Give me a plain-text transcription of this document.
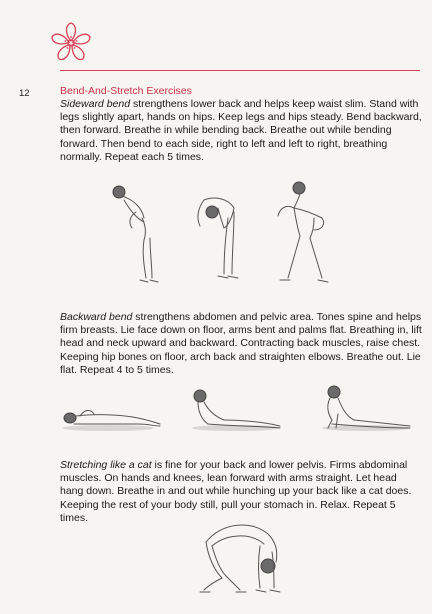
12	Bend-And-Stretch Exercises

Sideward bend strengthens lower back and helps keep waist slim. Stand with legs slightly apart, hands on hips. Keep legs and hips steady. Bend backward, then forward. Breathe in while bending back. Breathe out while bending forward. Then bend to each side, right to left and left to right, breathing normally. Repeat each 5 times.

Backward bend strengthens abdomen and pelvic area. Tones spine and helps firm breasts. Lie face down on floor, arms bent and palms flat. Breathing in, lift head and neck upward and backward. Contracting back muscles, raise chest. Keeping hip bones on floor, arch back and straighten elbows. Breathe out. Lie flat. Repeat 4 to 5 times.

Stretching like a cat is fine for your back and lower pelvis. Firms abdominal muscles. On hands and knees, lean forward with arms straight. Let head hang down. Breathe in and out while hunching up your back like a cat does. Keeping the rest of your body still, pull your stomach in. Relax. Repeat 5 times.
